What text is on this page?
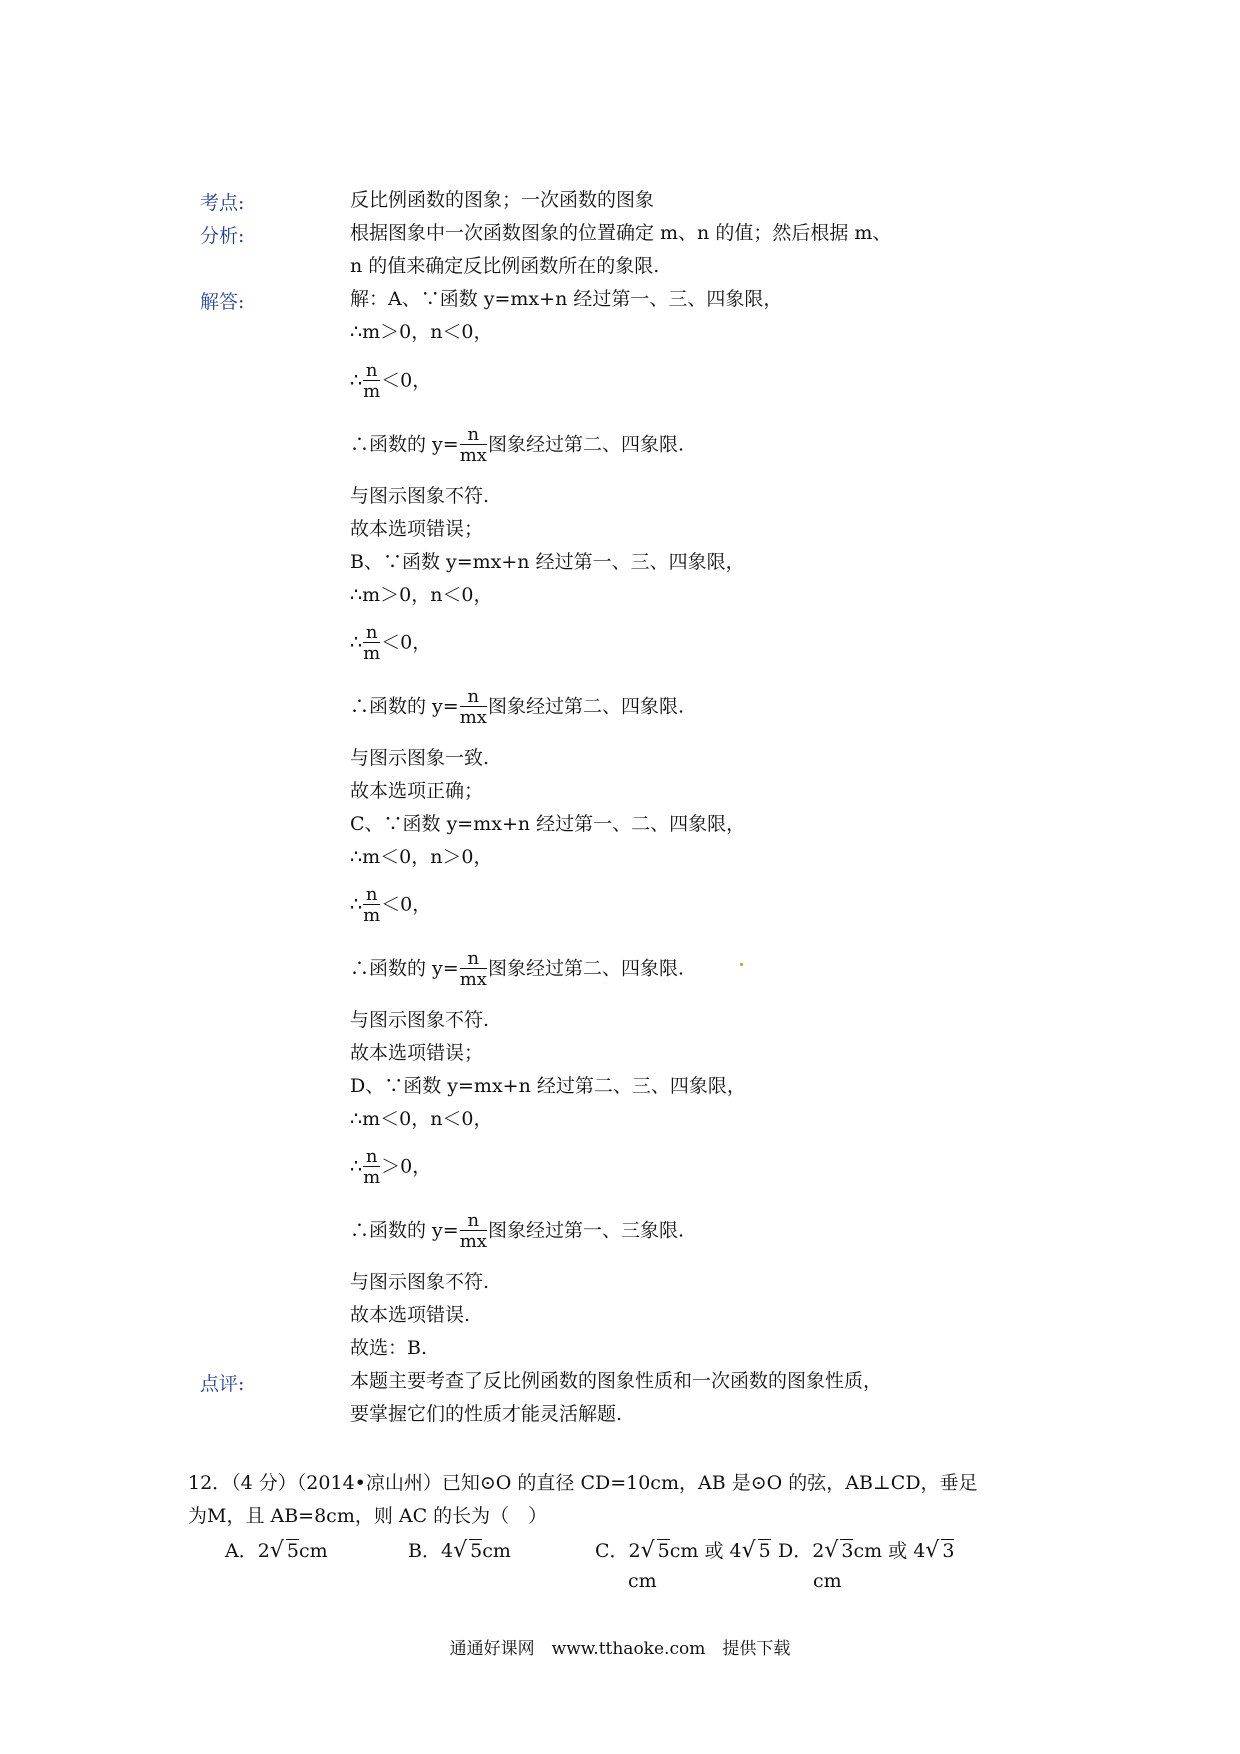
考点:	反比例函数的图象；一次函数的图象
分析:	根据图象中一次函数图象的位置确定 m、n 的值；然后根据 m、
n 的值来确定反比例函数所在的象限.
解答:	解：A、∵函数 y=mx+n 经过第一、三、四象限，
∴m＞0，n＜0，
∴ $\frac{n}{m} <0$，
∴函数的 $y= \frac{n}{mx}$ 图象经过第二、四象限.
与图示图象不符.
故本选项错误；
B、∵函数 y=mx+n 经过第一、三、四象限，
∴m＞0，n＜0，
∴ $\frac{n}{m} <0$，
∴函数的 $y= \frac{n}{mx}$ 图象经过第二、四象限.
与图示图象一致.
故本选项正确；
C、∵函数 y=mx+n 经过第一、二、四象限，
∴m＜0，n＞0，
∴ $\frac{n}{m} <0$，
∴函数的 $y= \frac{n}{mx}$ 图象经过第二、四象限.
与图示图象不符.
故本选项错误；
D、∵函数 y=mx+n 经过第二、三、四象限，
∴m＜0，n＜0，
∴ $\frac{n}{m} >0$，
∴函数的 $y= \frac{n}{mx}$ 图象经过第一、三象限.
与图示图象不符.
故本选项错误.
故选：B.
点评:	本题主要考查了反比例函数的图象性质和一次函数的图象性质，
要掌握它们的性质才能灵活解题.
12．（4 分）（2014•凉山州）已知⊙O 的直径 CD=10cm，AB 是⊙O 的弦，AB⊥CD，垂足
为M，且 AB=8cm，则 AC 的长为（　）
A．2√ 5cm	B．4√ 5cm	C．2√ 5cm 或 4√ 5
cm
D．2√ 3cm 或 4√ 3
cm
通通好课网　www.tthaoke.com　提供下载
